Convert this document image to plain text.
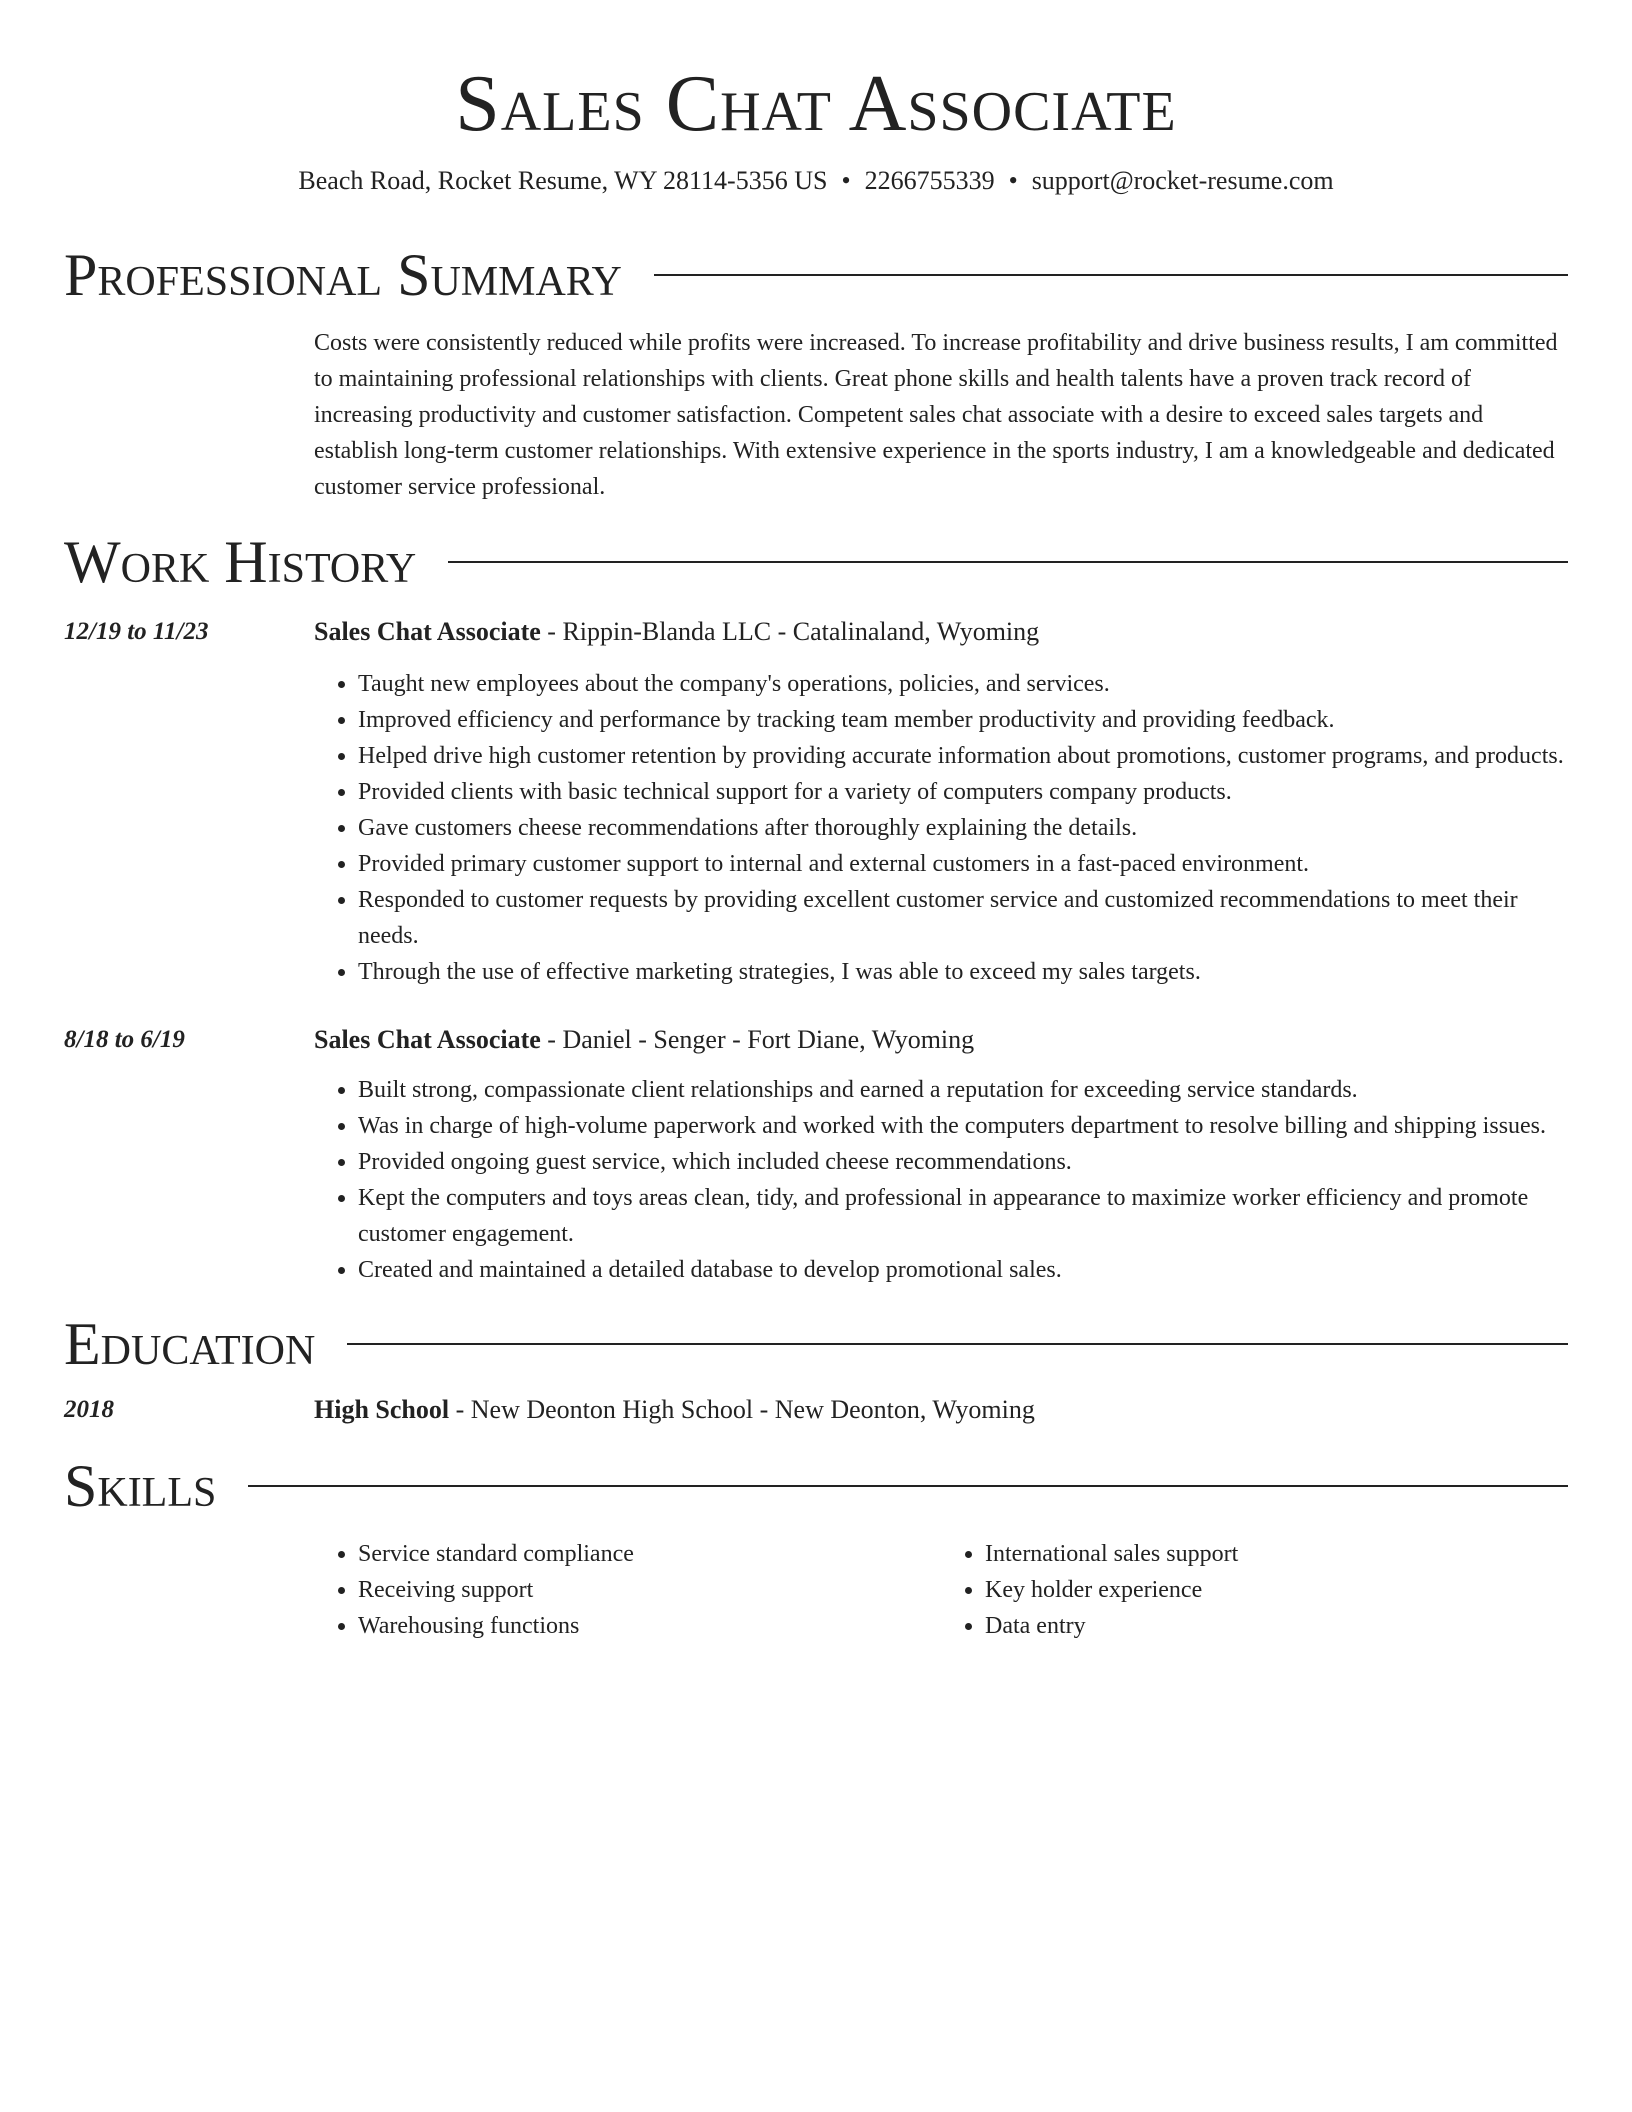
Sales Chat Associate
Beach Road, Rocket Resume, WY 28114-5356 US • 2266755339 • support@rocket-resume.com
Professional Summary

Costs were consistently reduced while profits were increased. To increase profitability and drive business results, I am committed to maintaining professional relationships with clients. Great phone skills and health talents have a proven track record of increasing productivity and customer satisfaction. Competent sales chat associate with a desire to exceed sales targets and establish long-term customer relationships. With extensive experience in the sports industry, I am a knowledgeable and dedicated customer service professional.

Work History
12/19 to 11/23	Sales Chat Associate - Rippin-Blanda LLC - Catalinaland, Wyoming
• Taught new employees about the company's operations, policies, and services.
• Improved efficiency and performance by tracking team member productivity and providing feedback.
• Helped drive high customer retention by providing accurate information about promotions, customer programs, and products.
• Provided clients with basic technical support for a variety of computers company products.
• Gave customers cheese recommendations after thoroughly explaining the details.
• Provided primary customer support to internal and external customers in a fast-paced environment.
• Responded to customer requests by providing excellent customer service and customized recommendations to meet their needs.
• Through the use of effective marketing strategies, I was able to exceed my sales targets.
8/18 to 6/19	Sales Chat Associate - Daniel - Senger - Fort Diane, Wyoming
• Built strong, compassionate client relationships and earned a reputation for exceeding service standards.
• Was in charge of high-volume paperwork and worked with the computers department to resolve billing and shipping issues.
• Provided ongoing guest service, which included cheese recommendations.
• Kept the computers and toys areas clean, tidy, and professional in appearance to maximize worker efficiency and promote customer engagement.
• Created and maintained a detailed database to develop promotional sales.
Education
2018	High School - New Deonton High School - New Deonton, Wyoming
Skills
• Service standard compliance
• Receiving support
• Warehousing functions
• International sales support
• Key holder experience
• Data entry
